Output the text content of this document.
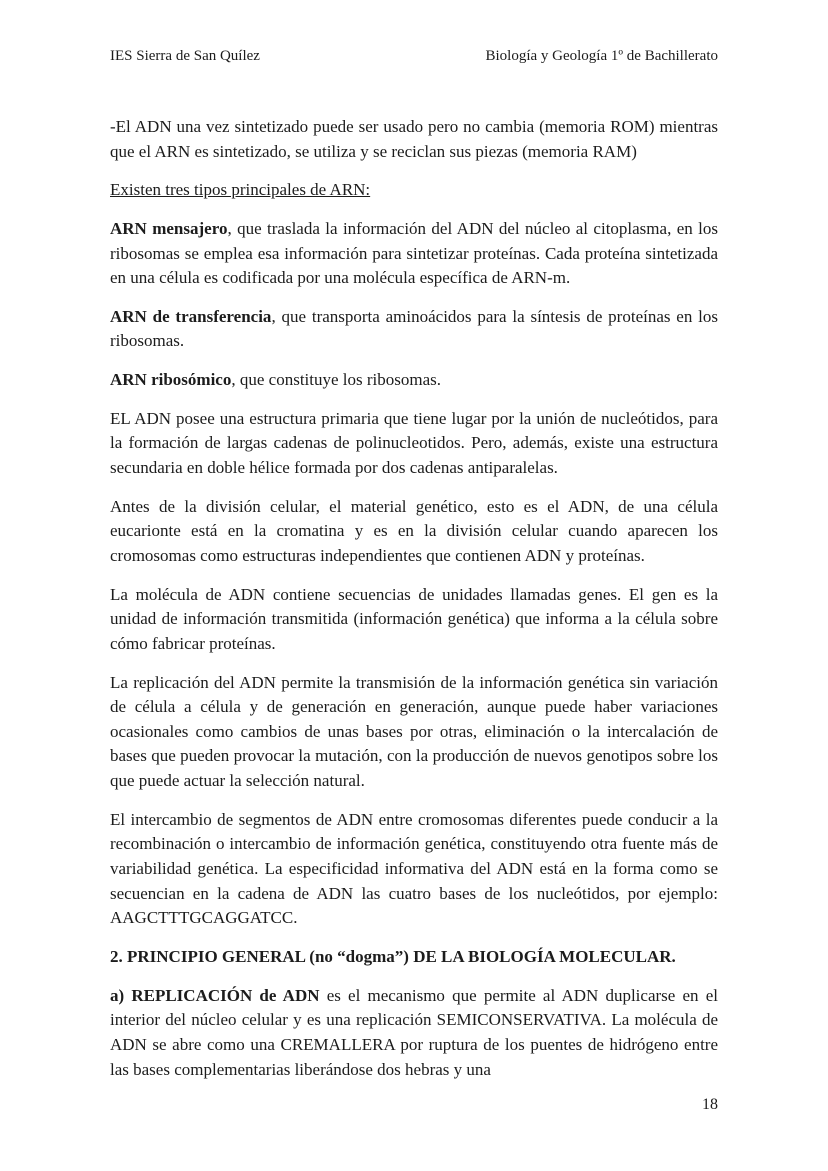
IES Sierra de San Quílez	Biología y Geología 1º de Bachillerato

-El ADN una vez sintetizado puede ser usado pero no cambia (memoria ROM) mientras que el ARN es sintetizado, se utiliza y se reciclan sus piezas (memoria RAM)

Existen tres tipos principales de ARN:

ARN mensajero, que traslada la información del ADN del núcleo al citoplasma, en los ribosomas se emplea esa información para sintetizar proteínas. Cada proteína sintetizada en una célula es codificada por una molécula específica de ARN-m.

ARN de transferencia, que transporta aminoácidos para la síntesis de proteínas en los ribosomas.

ARN ribosómico, que constituye los ribosomas.

EL ADN posee una estructura primaria que tiene lugar por la unión de nucleótidos, para la formación de largas cadenas de polinucleotidos. Pero, además, existe una estructura secundaria en doble hélice formada por dos cadenas antiparalelas.

Antes de la división celular, el material genético, esto es el ADN, de una célula eucarionte está en la cromatina y es en la división celular cuando aparecen los cromosomas como estructuras independientes que contienen ADN y proteínas.

La molécula de ADN contiene secuencias de unidades llamadas genes. El gen es la unidad de información transmitida (información genética) que informa a la célula sobre cómo fabricar proteínas.

La replicación del ADN permite la transmisión de la información genética sin variación de célula a célula y de generación en generación, aunque puede haber variaciones ocasionales como cambios de unas bases por otras, eliminación o la intercalación de bases que pueden provocar la mutación, con la producción de nuevos genotipos sobre los que puede actuar la selección natural.

El intercambio de segmentos de ADN entre cromosomas diferentes puede conducir a la recombinación o intercambio de información genética, constituyendo otra fuente más de variabilidad genética. La especificidad informativa del ADN está en la forma como se secuencian en la cadena de ADN las cuatro bases de los nucleótidos, por ejemplo: AAGCTTTGCAGGATCC.

2. PRINCIPIO GENERAL (no “dogma”) DE LA BIOLOGÍA MOLECULAR.

a) REPLICACIÓN de ADN es el mecanismo que permite al ADN duplicarse en el interior del núcleo celular y es una replicación SEMICONSERVATIVA. La molécula de ADN se abre como una CREMALLERA por ruptura de los puentes de hidrógeno entre las bases complementarias liberándose dos hebras y una

18
